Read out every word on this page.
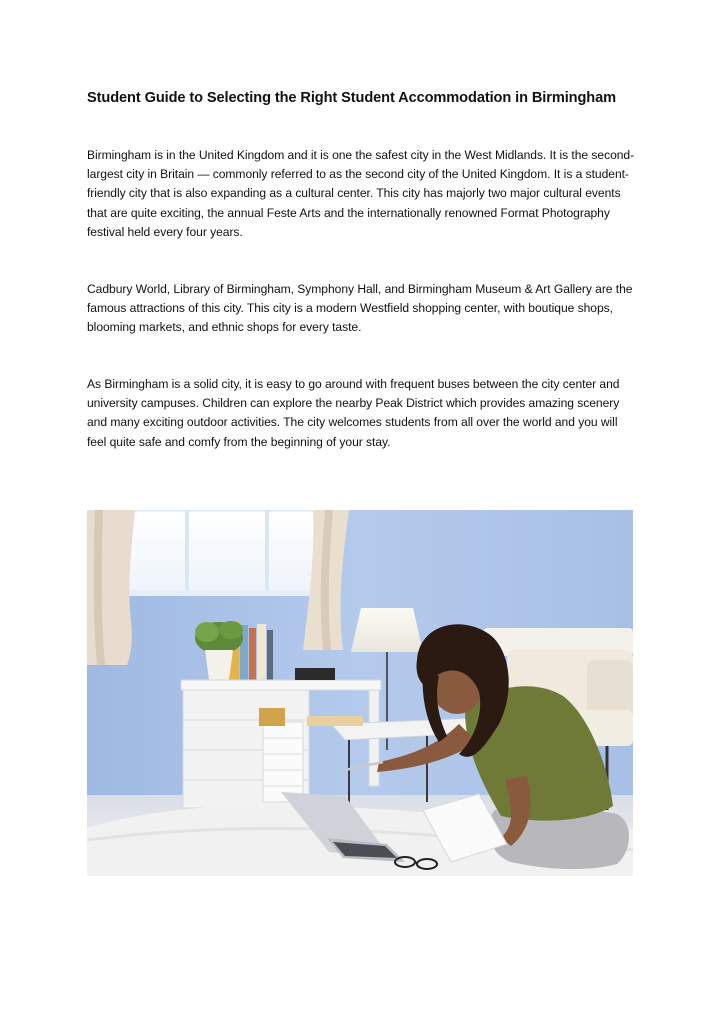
Student Guide to Selecting the Right Student Accommodation in Birmingham

Birmingham is in the United Kingdom and it is one the safest city in the West Midlands. It is the second-largest city in Britain — commonly referred to as the second city of the United Kingdom. It is a student-friendly city that is also expanding as a cultural center. This city has majorly two major cultural events that are quite exciting, the annual Feste Arts and the internationally renowned Format Photography festival held every four years.

Cadbury World, Library of Birmingham, Symphony Hall, and Birmingham Museum & Art Gallery are the famous attractions of this city. This city is a modern Westfield shopping center, with boutique shops, blooming markets, and ethnic shops for every taste.

As Birmingham is a solid city, it is easy to go around with frequent buses between the city center and university campuses. Children can explore the nearby Peak District which provides amazing scenery and many exciting outdoor activities. The city welcomes students from all over the world and you will feel quite safe and comfy from the beginning of your stay.
